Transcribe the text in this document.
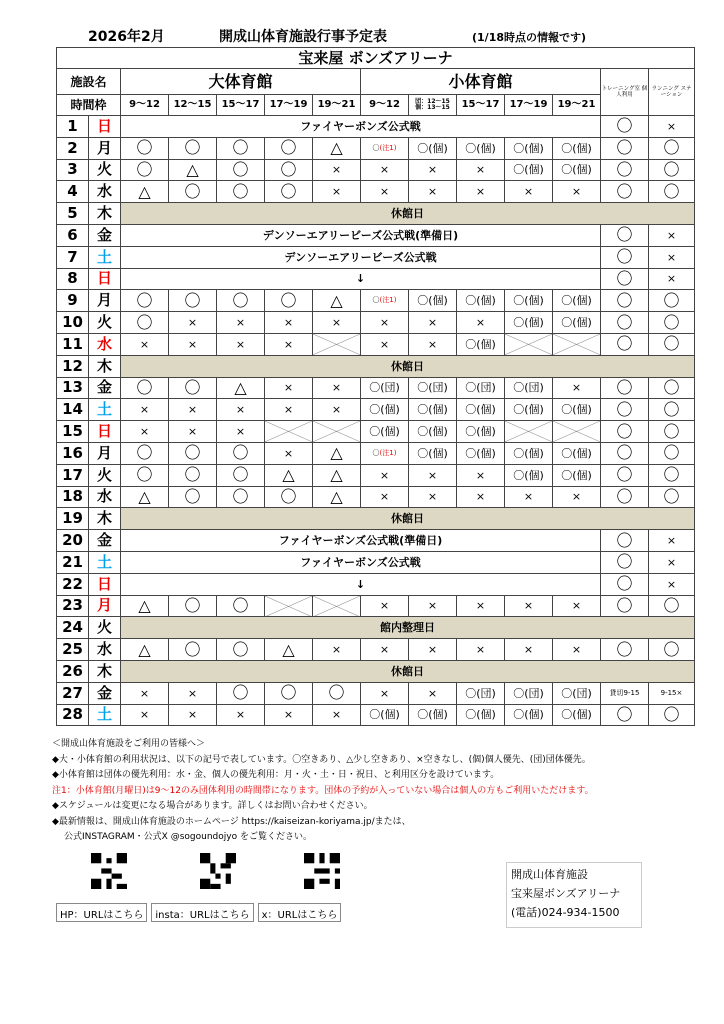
2026年2月	開成山体育施設行事予定表	(1/18時点の情報です)
宝来屋 ボンズアリーナ													
施設名		大体育館					小体育館					トレーニング室 個人利用	ランニング ステーション
時間枠		9～12	12～15	15～17	17～19	19～21	9～12	団：12～15 個：13～15	15～17	17～19	19～21		
1	日	ファイヤーボンズ公式戦										〇	×
2	月	〇	〇	〇	〇	△	〇(注1)	〇(個)	〇(個)	〇(個)	〇(個)	〇	〇
3	火	〇	△	〇	〇	×	×	×	×	〇(個)	〇(個)	〇	〇
4	水	△	〇	〇	〇	×	×	×	×	×	×	〇	〇
5	木	休館日											
6	金	デンソーエアリービーズ公式戦(準備日)										〇	×
7	土	デンソーエアリービーズ公式戦										〇	×
8	日	↓										〇	×
9	月	〇	〇	〇	〇	△	〇(注1)	〇(個)	〇(個)	〇(個)	〇(個)	〇	〇
10	火	〇	×	×	×	×	×	×	×	〇(個)	〇(個)	〇	〇
11	水	×	×	×	×		×	×	〇(個)			〇	〇
12	木	休館日											
13	金	〇	〇	△	×	×	〇(団)	〇(団)	〇(団)	〇(団)	×	〇	〇
14	土	×	×	×	×	×	〇(個)	〇(個)	〇(個)	〇(個)	〇(個)	〇	〇
15	日	×	×	×			〇(個)	〇(個)	〇(個)			〇	〇
16	月	〇	〇	〇	×	△	〇(注1)	〇(個)	〇(個)	〇(個)	〇(個)	〇	〇
17	火	〇	〇	〇	△	△	×	×	×	〇(個)	〇(個)	〇	〇
18	水	△	〇	〇	〇	△	×	×	×	×	×	〇	〇
19	木	休館日											
20	金	ファイヤーボンズ公式戦(準備日)										〇	×
21	土	ファイヤーボンズ公式戦										〇	×
22	日	↓										〇	×
23	月	△	〇	〇			×	×	×	×	×	〇	〇
24	火	館内整理日											
25	水	△	〇	〇	△	×	×	×	×	×	×	〇	〇
26	木	休館日											
27	金	×	×	〇	〇	〇	×	×	〇(団)	〇(団)	〇(団)	貸切9-15	9-15×
28	土	×	×	×	×	×	〇(個)	〇(個)	〇(個)	〇(個)	〇(個)	〇	〇
＜開成山体育施設をご利用の皆様へ＞
◆大・小体育館の利用状況は、以下の記号で表しています。〇空きあり、△少し空きあり、×空きなし、(個)個人優先、(団)団体優先。
◆小体育館は団体の優先利用：水・金、個人の優先利用：月・火・土・日・祝日、と利用区分を設けています。
注1：小体育館(月曜日)は9～12のみ団体利用の時間帯になります。団体の予約が入っていない場合は個人の方もご利用いただけます。
◆スケジュールは変更になる場合があります。詳しくはお問い合わせください。
◆最新情報は、開成山体育施設のホームページ https://kaiseizan-koriyama.jp/または、
公式INSTAGRAM・公式X @sogoundojyo をご覧ください。
HP：URLはこちら	insta：URLはこちら	x：URLはこちら
開成山体育施設
宝来屋ボンズアリーナ
(電話)024-934-1500
